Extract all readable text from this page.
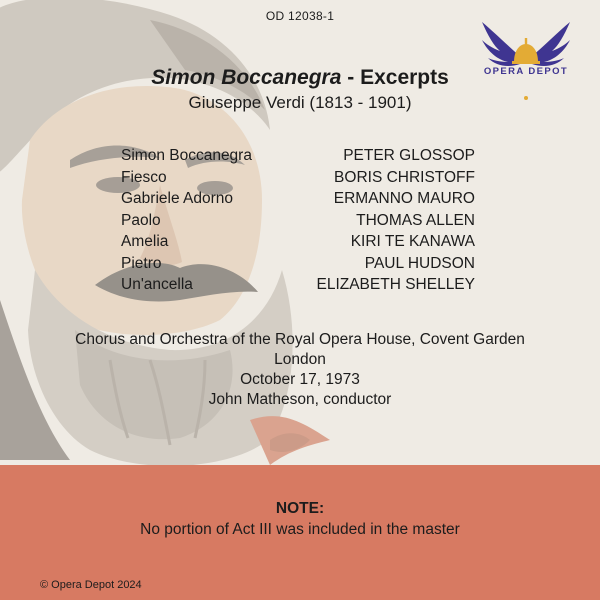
OD 12038-1
OPERA DEPOT
Simon Boccanegra - Excerpts
Giuseppe Verdi (1813 - 1901)
Simon Boccanegra	PETER GLOSSOP
Fiesco	BORIS CHRISTOFF
Gabriele Adorno	ERMANNO MAURO
Paolo	THOMAS ALLEN
Amelia	KIRI TE KANAWA
Pietro	PAUL HUDSON
Un'ancella	ELIZABETH SHELLEY
Chorus and Orchestra of the Royal Opera House, Covent Garden
London
October 17, 1973
John Matheson, conductor
NOTE:
No portion of Act III was included in the master
© Opera Depot 2024
